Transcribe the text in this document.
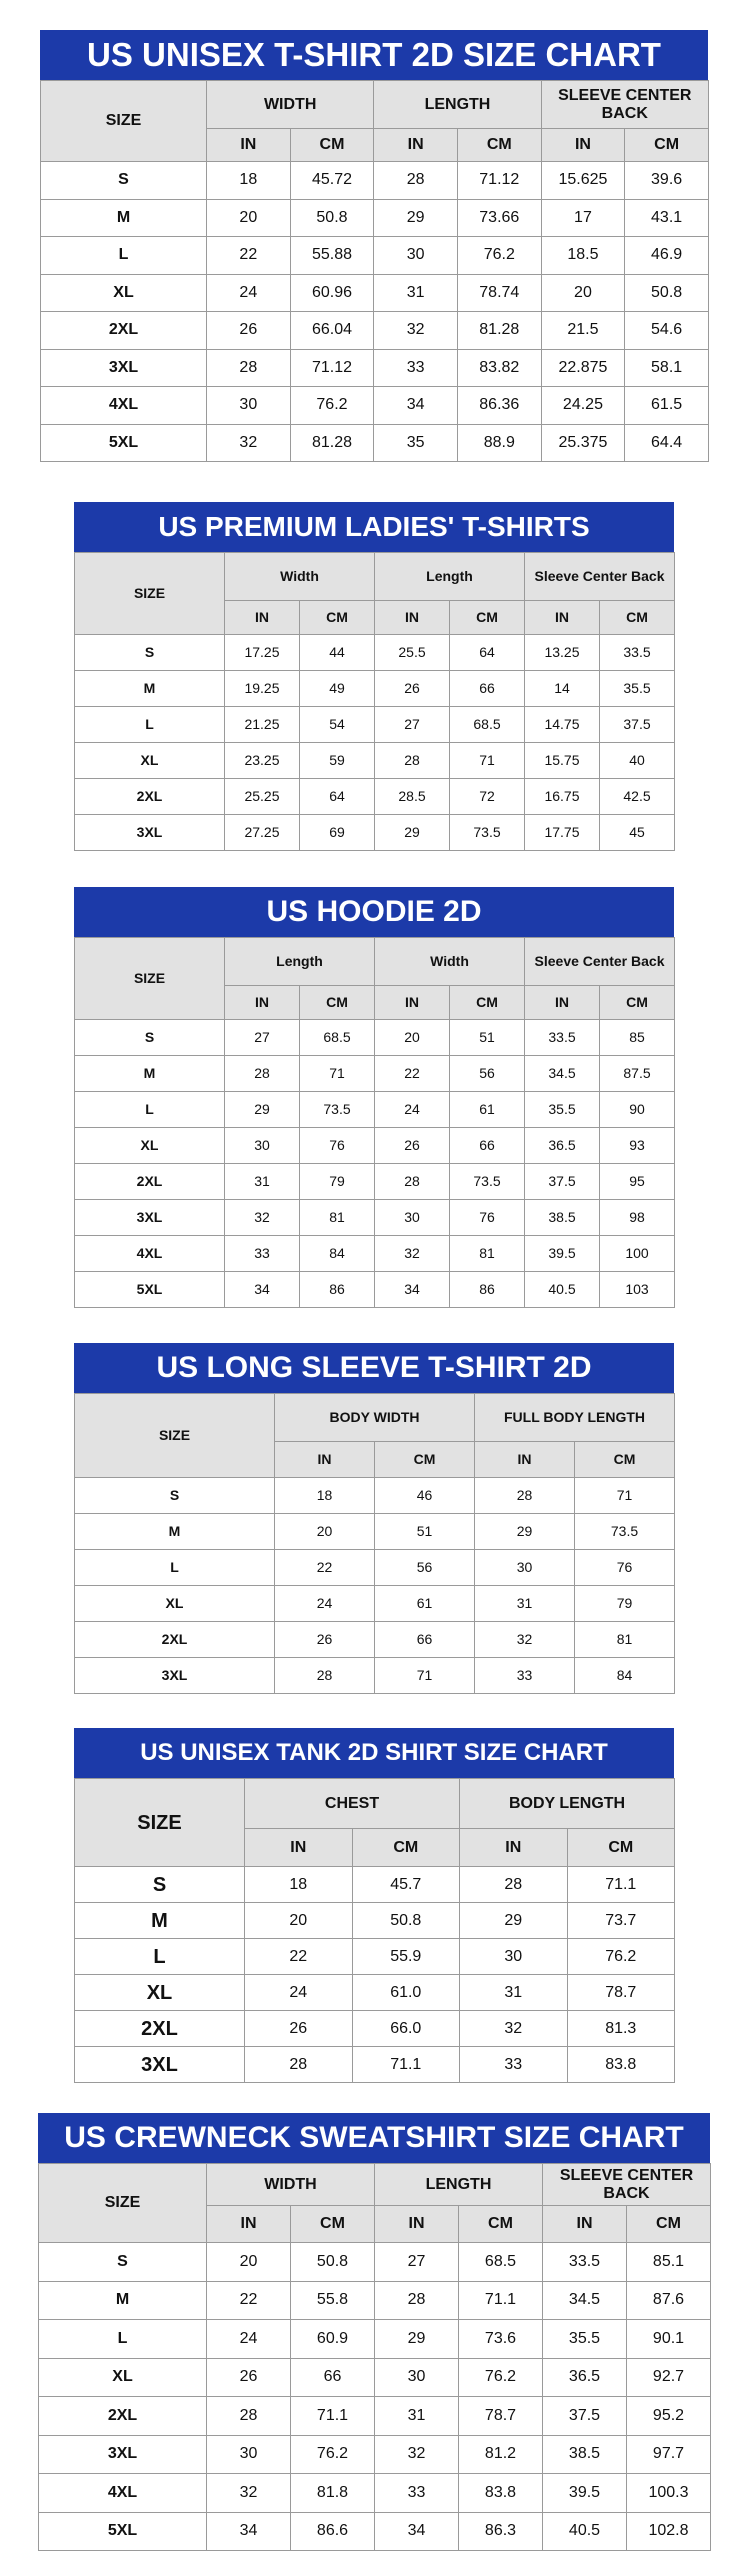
US UNISEX T-SHIRT 2D SIZE CHART
SIZE	WIDTH		LENGTH		SLEEVE CENTER BACK	
	IN	CM	IN	CM	IN	CM
S	18	45.72	28	71.12	15.625	39.6
M	20	50.8	29	73.66	17	43.1
L	22	55.88	30	76.2	18.5	46.9
XL	24	60.96	31	78.74	20	50.8
2XL	26	66.04	32	81.28	21.5	54.6
3XL	28	71.12	33	83.82	22.875	58.1
4XL	30	76.2	34	86.36	24.25	61.5
5XL	32	81.28	35	88.9	25.375	64.4
US PREMIUM LADIES' T-SHIRTS
SIZE	Width		Length		Sleeve Center Back	
	IN	CM	IN	CM	IN	CM
S	17.25	44	25.5	64	13.25	33.5
M	19.25	49	26	66	14	35.5
L	21.25	54	27	68.5	14.75	37.5
XL	23.25	59	28	71	15.75	40
2XL	25.25	64	28.5	72	16.75	42.5
3XL	27.25	69	29	73.5	17.75	45
US HOODIE 2D
SIZE	Length		Width		Sleeve Center Back	
	IN	CM	IN	CM	IN	CM
S	27	68.5	20	51	33.5	85
M	28	71	22	56	34.5	87.5
L	29	73.5	24	61	35.5	90
XL	30	76	26	66	36.5	93
2XL	31	79	28	73.5	37.5	95
3XL	32	81	30	76	38.5	98
4XL	33	84	32	81	39.5	100
5XL	34	86	34	86	40.5	103
US LONG SLEEVE T-SHIRT 2D
SIZE	BODY WIDTH		FULL BODY LENGTH	
	IN	CM	IN	CM
S	18	46	28	71
M	20	51	29	73.5
L	22	56	30	76
XL	24	61	31	79
2XL	26	66	32	81
3XL	28	71	33	84
US UNISEX TANK 2D SHIRT SIZE CHART
SIZE	CHEST		BODY LENGTH	
	IN	CM	IN	CM
S	18	45.7	28	71.1
M	20	50.8	29	73.7
L	22	55.9	30	76.2
XL	24	61.0	31	78.7
2XL	26	66.0	32	81.3
3XL	28	71.1	33	83.8
US CREWNECK SWEATSHIRT SIZE CHART
SIZE	WIDTH		LENGTH		SLEEVE CENTER BACK	
	IN	CM	IN	CM	IN	CM
S	20	50.8	27	68.5	33.5	85.1
M	22	55.8	28	71.1	34.5	87.6
L	24	60.9	29	73.6	35.5	90.1
XL	26	66	30	76.2	36.5	92.7
2XL	28	71.1	31	78.7	37.5	95.2
3XL	30	76.2	32	81.2	38.5	97.7
4XL	32	81.8	33	83.8	39.5	100.3
5XL	34	86.6	34	86.3	40.5	102.8
